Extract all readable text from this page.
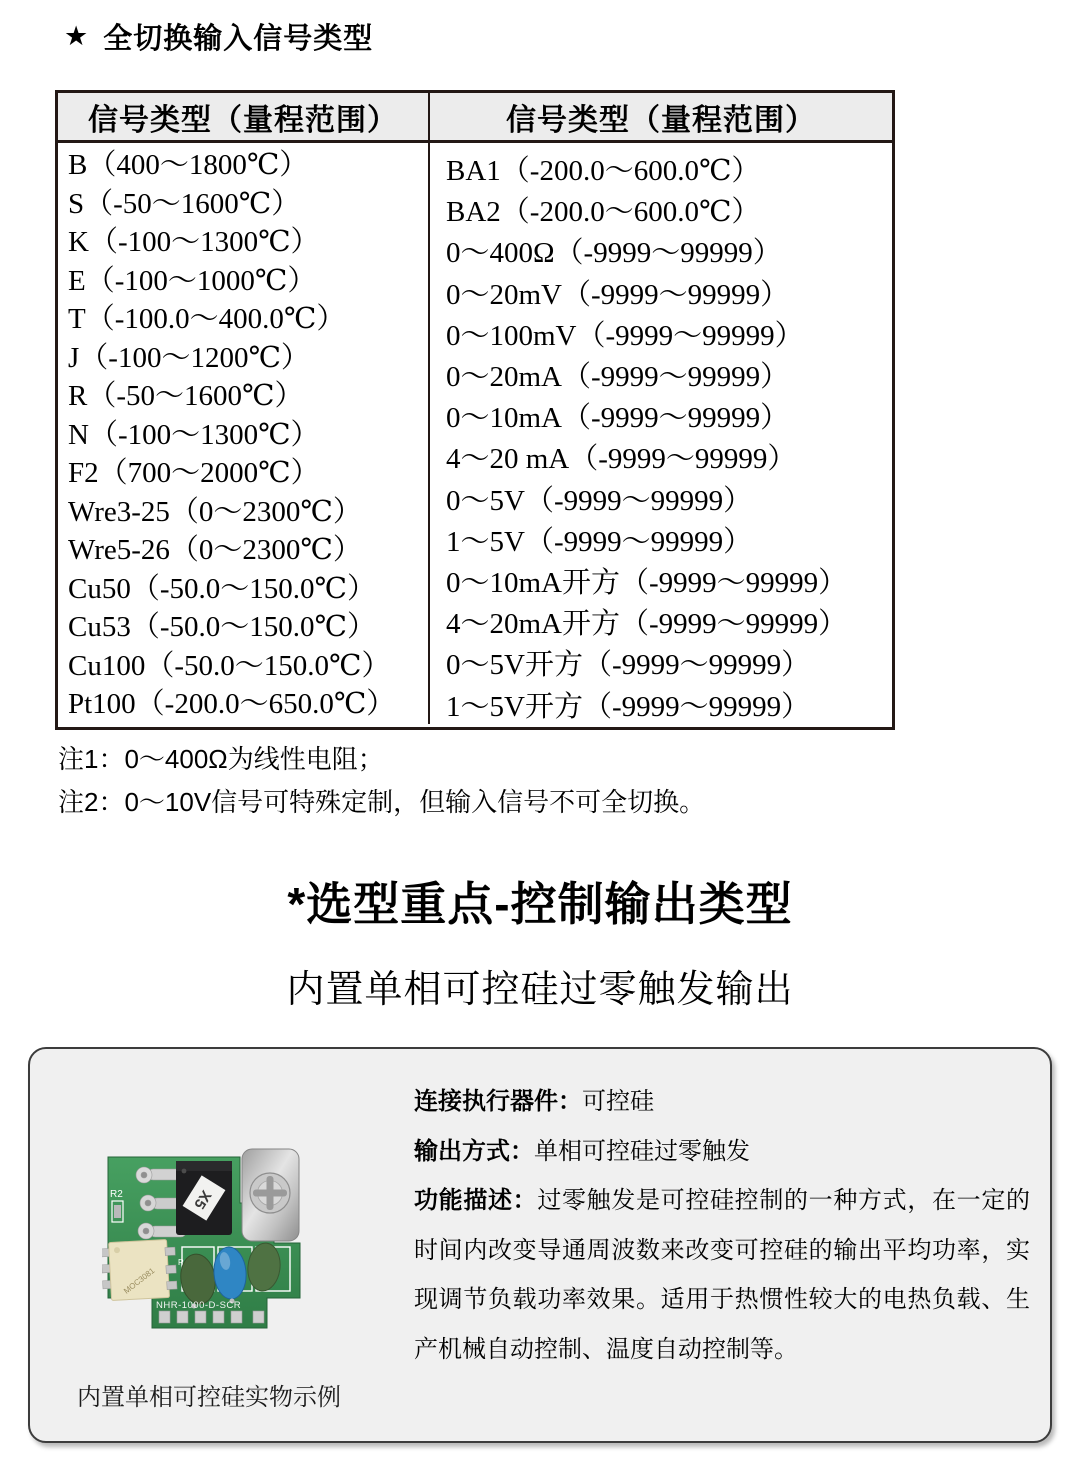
★ 全切换输入信号类型
信号类型（量程范围）	信号类型（量程范围）
B（400～1800℃）
S（-50～1600℃）
K（-100～1300℃）
E（-100～1000℃）
T（-100.0～400.0℃）
J（-100～1200℃）
R（-50～1600℃）
N（-100～1300℃）
F2（700～2000℃）
Wre3-25（0～2300℃）
Wre5-26（0～2300℃）
Cu50（-50.0～150.0℃）
Cu53（-50.0～150.0℃）
Cu100（-50.0～150.0℃）
Pt100（-200.0～650.0℃）
BA1（-200.0～600.0℃）
BA2（-200.0～600.0℃）
0～400Ω（-9999～99999）
0～20mV（-9999～99999）
0～100mV（-9999～99999）
0～20mA（-9999～99999）
0～10mA（-9999～99999）
4～20 mA（-9999～99999）
0～5V（-9999～99999）
1～5V（-9999～99999）
0～10mA开方（-9999～99999）
4～20mA开方（-9999～99999）
0～5V开方（-9999～99999）
1～5V开方（-9999～99999）

注1：0～400Ω为线性电阻；

注2：0～10V信号可特殊定制，但输入信号不可全切换。

*选型重点-控制输出类型
内置单相可控硅过零触发输出
R2	X5
MOC3081
R
NHR-1000-D-SCR

连接执行器件：可控硅

输出方式：单相可控硅过零触发

功能描述：过零触发是可控硅控制的一种方式，在一定的时间内改变导通周波数来改变可控硅的输出平均功率，实现调节负载功率效果。适用于热惯性较大的电热负载、生产机械自动控制、温度自动控制等。

内置单相可控硅实物示例
